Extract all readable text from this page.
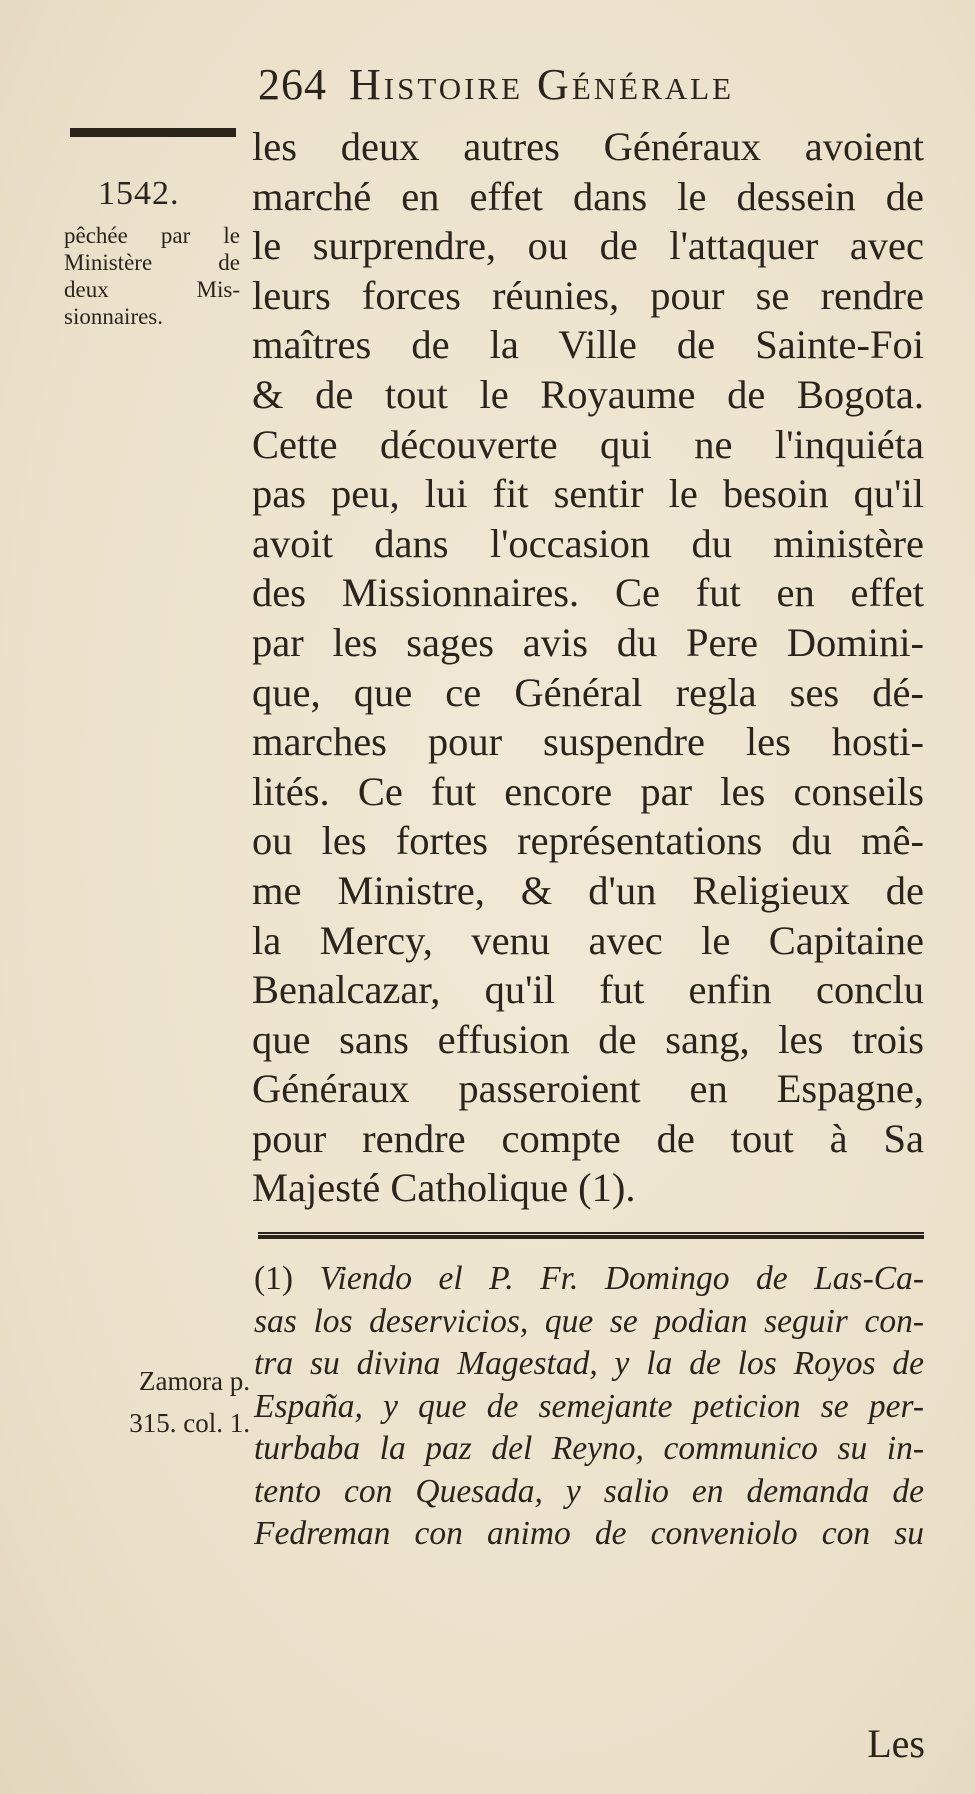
264 Histoire Générale
1542.
pêchée par le
Ministère de
deux Mis-
sionnaires.
les deux autres Généraux avoient
marché en effet dans le dessein de
le surprendre, ou de l'attaquer avec
leurs forces réunies, pour se rendre
maîtres de la Ville de Sainte-Foi
& de tout le Royaume de Bogota.
Cette découverte qui ne l'inquiéta
pas peu, lui fit sentir le besoin qu'il
avoit dans l'occasion du ministère
des Missionnaires. Ce fut en effet
par les sages avis du Pere Domini-
que, que ce Général regla ses dé-
marches pour suspendre les hosti-
lités. Ce fut encore par les conseils
ou les fortes représentations du mê-
me Ministre, & d'un Religieux de
la Mercy, venu avec le Capitaine
Benalcazar, qu'il fut enfin conclu
que sans effusion de sang, les trois
Généraux passeroient en Espagne,
pour rendre compte de tout à Sa
Majesté Catholique (1).
Zamora p.
315. col. 1.
(1) Viendo el P. Fr. Domingo de Las-Ca-
sas los deservicios, que se podian seguir con-
tra su divina Magestad, y la de los Royos de
España, y que de semejante peticion se per-
turbaba la paz del Reyno, communico su in-
tento con Quesada, y salio en demanda de
Fedreman con animo de conveniolo con su
Les
